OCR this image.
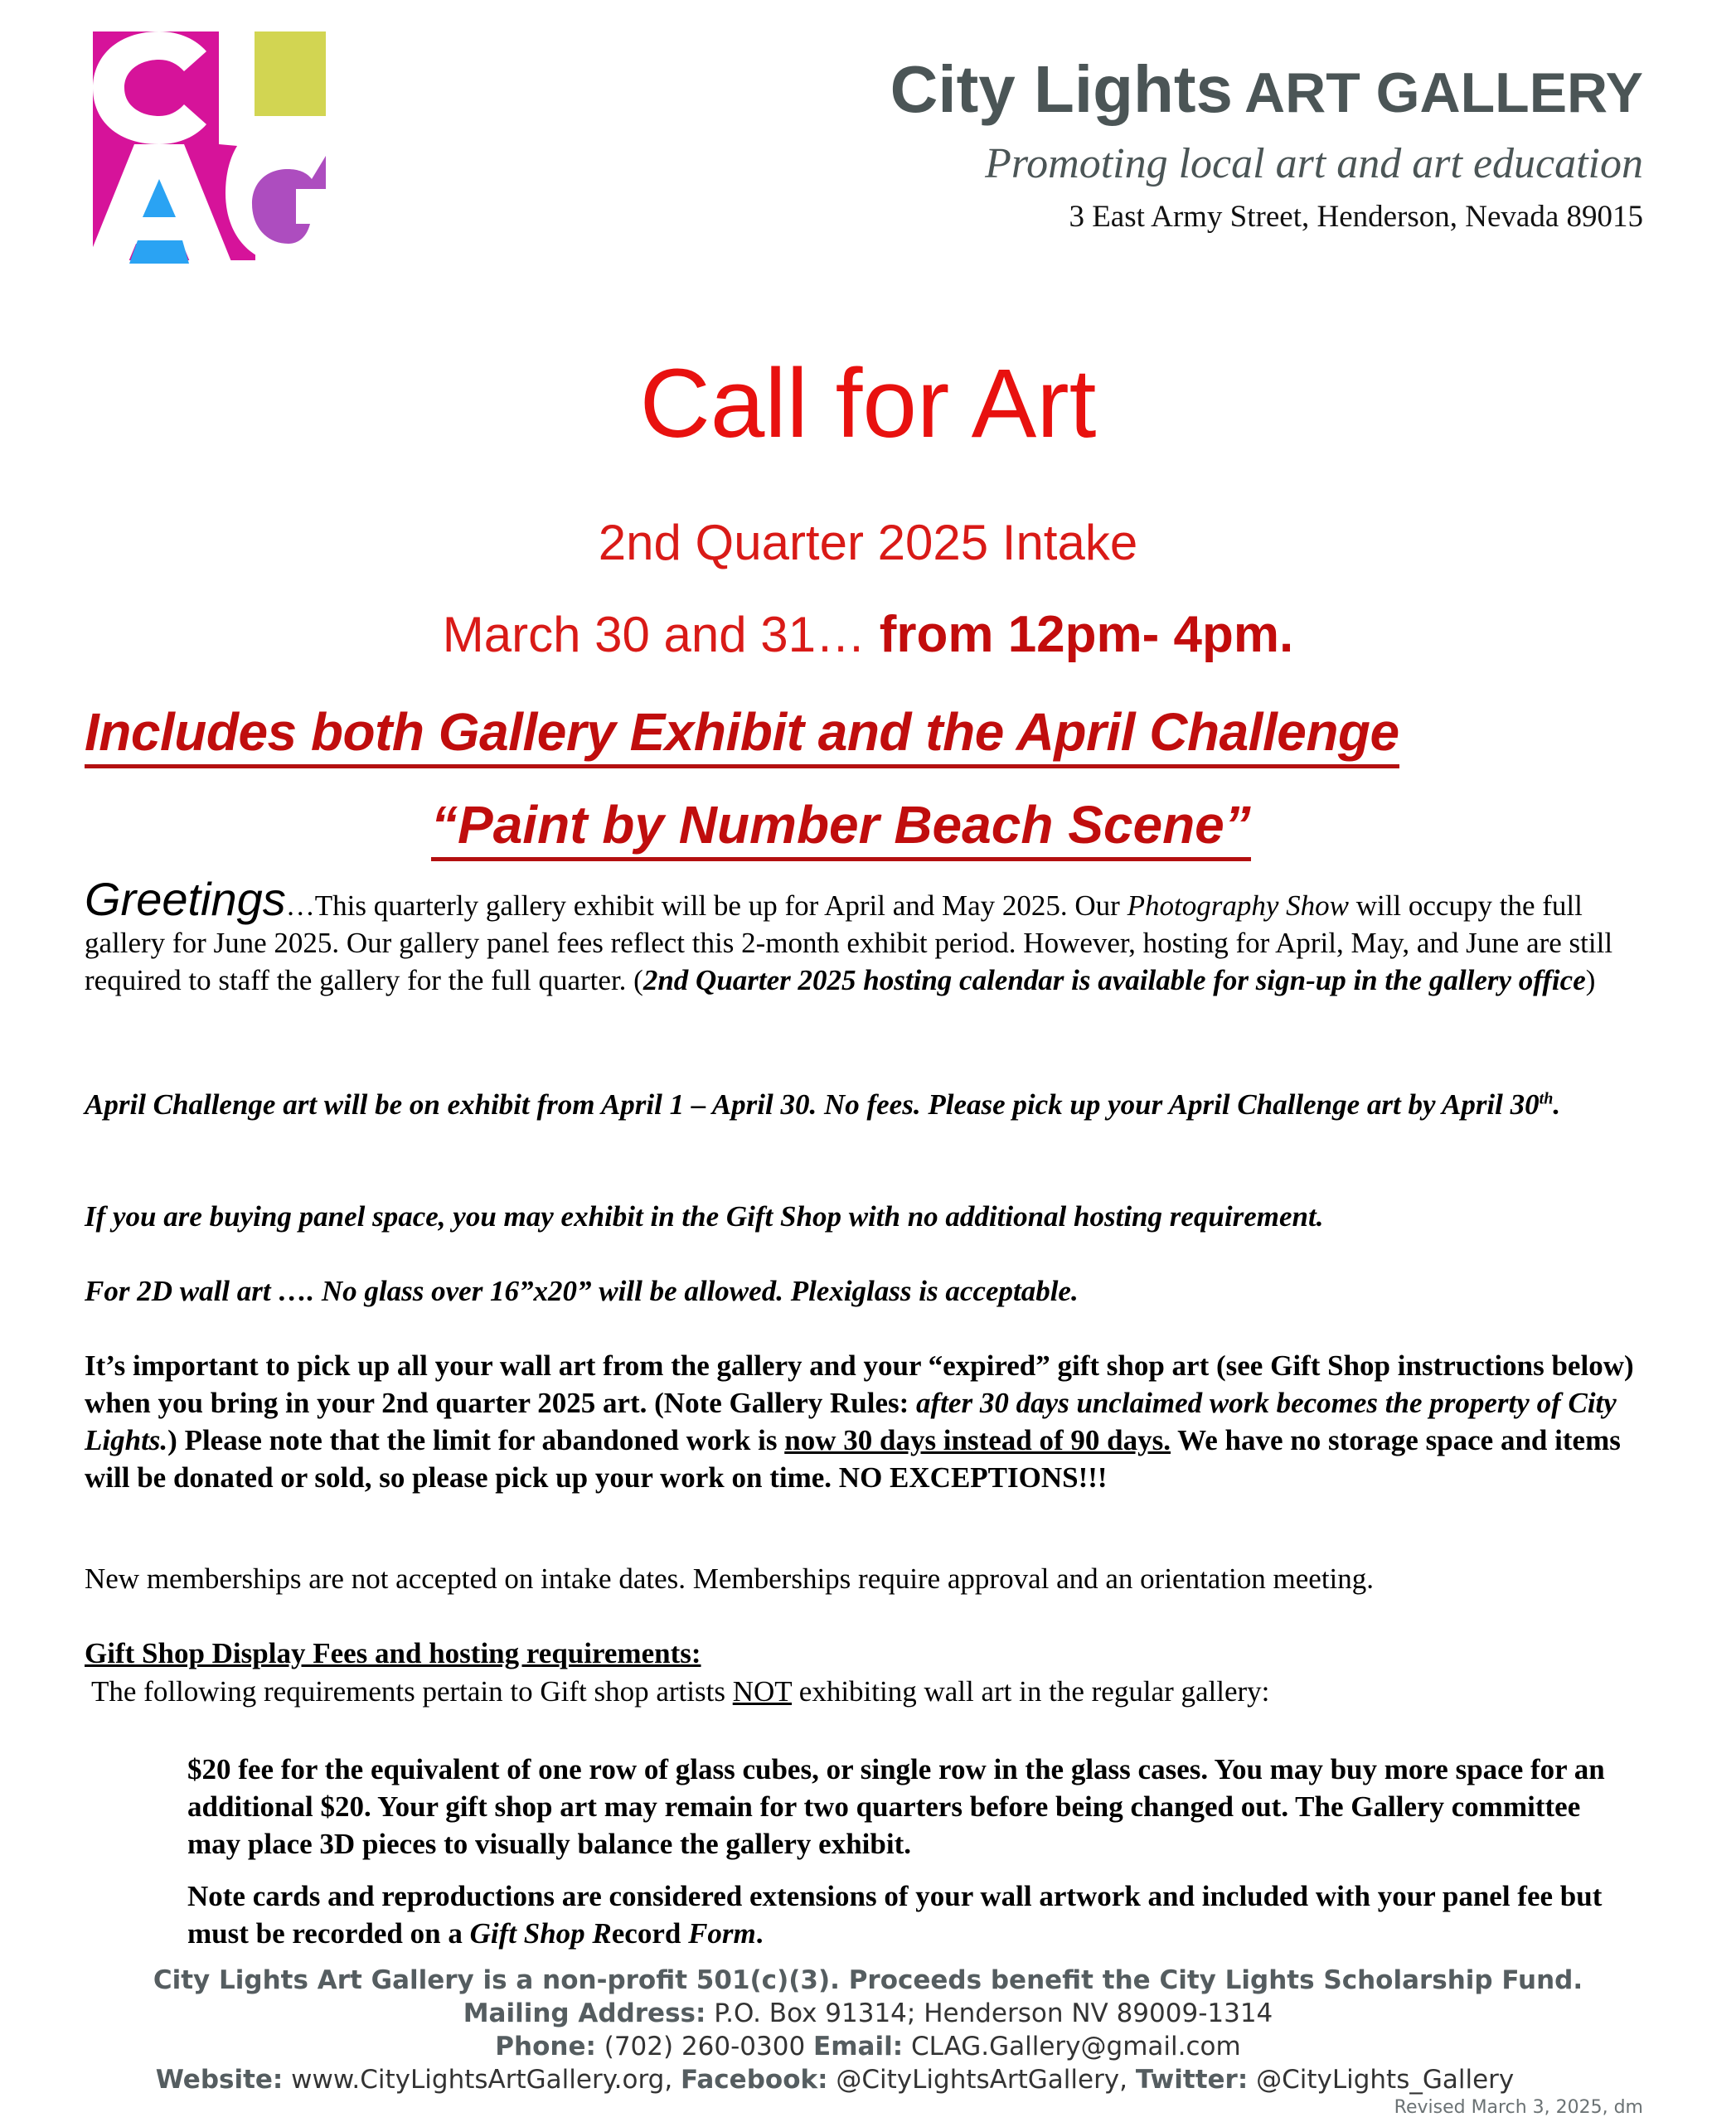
City Lights ART GALLERY
Promoting local art and art education
3 East Army Street, Henderson, Nevada 89015
Call for Art
2nd Quarter 2025 Intake
March 30 and 31… from 12pm- 4pm.
Includes both Gallery Exhibit and the April Challenge
“Paint by Number Beach Scene”

Greetings…This quarterly gallery exhibit will be up for April and May 2025. Our Photography Show will occupy the full gallery for June 2025. Our gallery panel fees reflect this 2-month exhibit period. However, hosting for April, May, and June are still required to staff the gallery for the full quarter. (2nd Quarter 2025 hosting calendar is available for sign-up in the gallery office)

April Challenge art will be on exhibit from April 1 – April 30. No fees. Please pick up your April Challenge art by April 30th.

If you are buying panel space, you may exhibit in the Gift Shop with no additional hosting requirement.
For 2D wall art …. No glass over 16”x20” will be allowed. Plexiglass is acceptable.

It’s important to pick up all your wall art from the gallery and your “expired” gift shop art (see Gift Shop instructions below) when you bring in your 2nd quarter 2025 art. (Note Gallery Rules: after 30 days unclaimed work becomes the property of City Lights.) Please note that the limit for abandoned work is now 30 days instead of 90 days. We have no storage space and items will be donated or sold, so please pick up your work on time. NO EXCEPTIONS!!!

New memberships are not accepted on intake dates. Memberships require approval and an orientation meeting.
Gift Shop Display Fees and hosting requirements:

The following requirements pertain to Gift shop artists NOT exhibiting wall art in the regular gallery:

$20 fee for the equivalent of one row of glass cubes, or single row in the glass cases. You may buy more space for an additional $20. Your gift shop art may remain for two quarters before being changed out. The Gallery committee may place 3D pieces to visually balance the gallery exhibit.

Note cards and reproductions are considered extensions of your wall artwork and included with your panel fee but must be recorded on a Gift Shop Record Form.

City Lights Art Gallery is a non-profit 501(c)(3). Proceeds benefit the City Lights Scholarship Fund.
Mailing Address: P.O. Box 91314; Henderson NV 89009-1314
Phone: (702) 260-0300 Email: CLAG.Gallery@gmail.com
Website: www.CityLightsArtGallery.org, Facebook: @CityLightsArtGallery, Twitter: @CityLights_Gallery
Revised March 3, 2025, dm
